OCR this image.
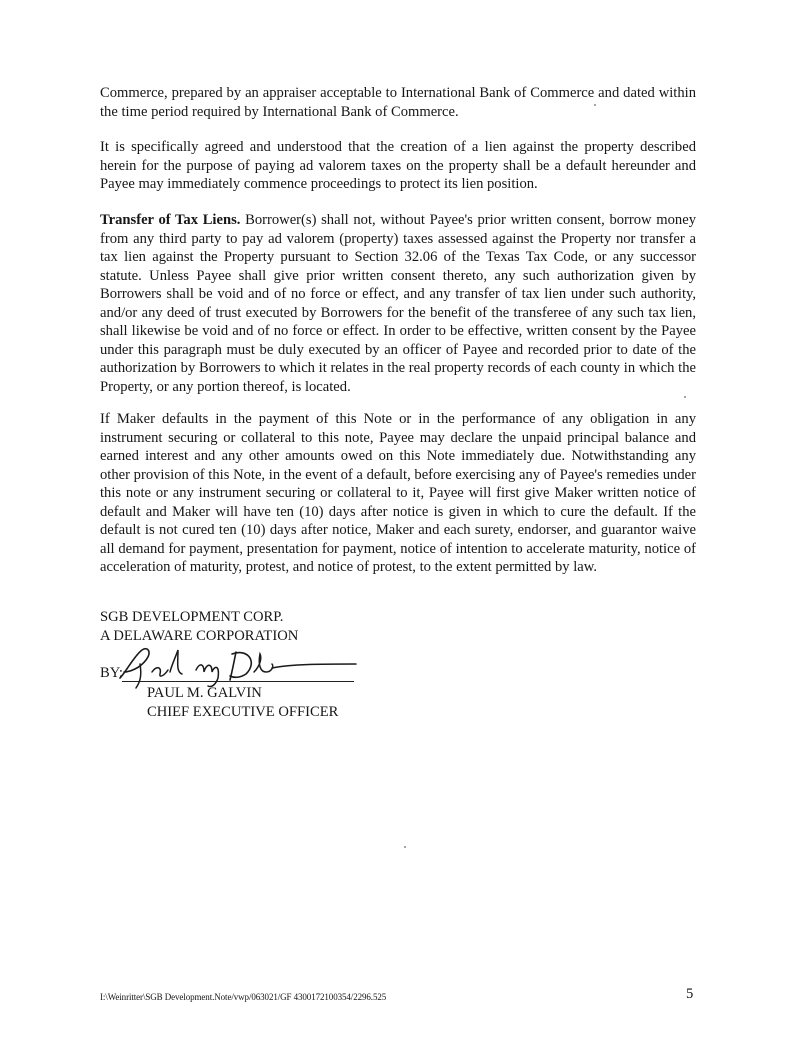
Commerce, prepared by an appraiser acceptable to International Bank of Commerce and dated within the time period required by International Bank of Commerce.

It is specifically agreed and understood that the creation of a lien against the property described herein for the purpose of paying ad valorem taxes on the property shall be a default hereunder and Payee may immediately commence proceedings to protect its lien position.

Transfer of Tax Liens. Borrower(s) shall not, without Payee's prior written consent, borrow money from any third party to pay ad valorem (property) taxes assessed against the Property nor transfer a tax lien against the Property pursuant to Section 32.06 of the Texas Tax Code, or any successor statute. Unless Payee shall give prior written consent thereto, any such authorization given by Borrowers shall be void and of no force or effect, and any transfer of tax lien under such authority, and/or any deed of trust executed by Borrowers for the benefit of the transferee of any such tax lien, shall likewise be void and of no force or effect. In order to be effective, written consent by the Payee under this paragraph must be duly executed by an officer of Payee and recorded prior to date of the authorization by Borrowers to which it relates in the real property records of each county in which the Property, or any portion thereof, is located.

If Maker defaults in the payment of this Note or in the performance of any obligation in any instrument securing or collateral to this note, Payee may declare the unpaid principal balance and earned interest and any other amounts owed on this Note immediately due. Notwithstanding any other provision of this Note, in the event of a default, before exercising any of Payee's remedies under this note or any instrument securing or collateral to it, Payee will first give Maker written notice of default and Maker will have ten (10) days after notice is given in which to cure the default. If the default is not cured ten (10) days after notice, Maker and each surety, endorser, and guarantor waive all demand for payment, presentation for payment, notice of intention to accelerate maturity, notice of acceleration of maturity, protest, and notice of protest, to the extent permitted by law.

SGB DEVELOPMENT CORP.
A DELAWARE CORPORATION
BY:
PAUL M. GALVIN
CHIEF EXECUTIVE OFFICER
I:\Weinritter\SGB Development.Note/vwp/063021/GF 4300172100354/2296.525	5
